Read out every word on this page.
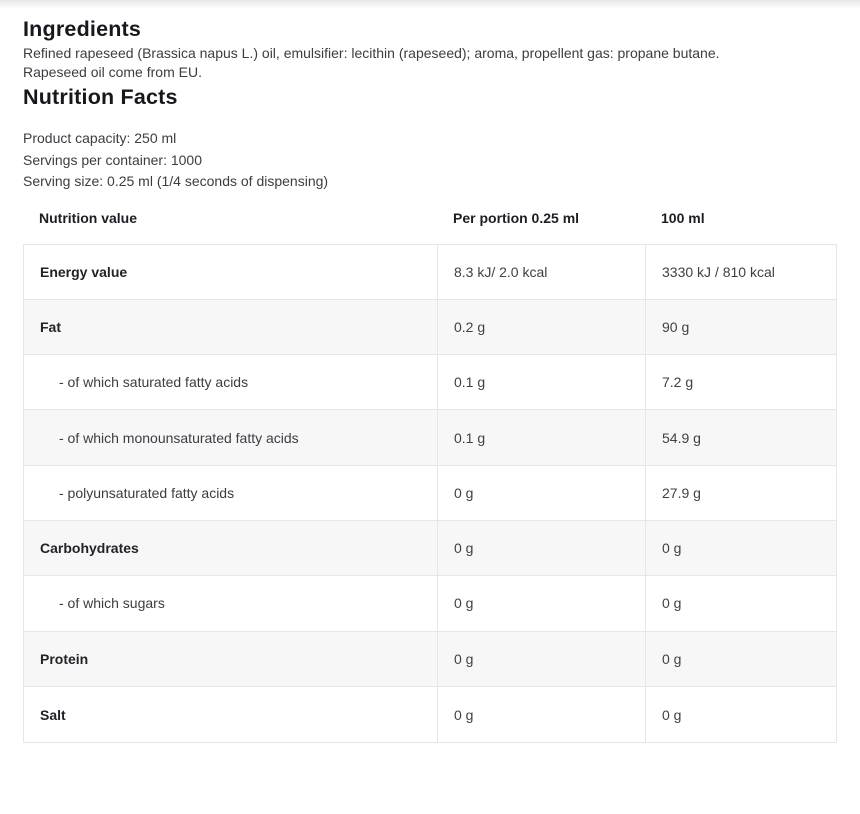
Ingredients

Refined rapeseed (Brassica napus L.) oil, emulsifier: lecithin (rapeseed); aroma, propellent gas: propane butane.

Rapeseed oil come from EU.

Nutrition Facts

Product capacity: 250 ml

Servings per container: 1000

Serving size: 0.25 ml (1/4 seconds of dispensing)

Nutrition value	Per portion 0.25 ml	100 ml
Energy value	8.3 kJ/ 2.0 kcal	3330 kJ / 810 kcal
Fat	0.2 g	90 g
- of which saturated fatty acids	0.1 g	7.2 g
- of which monounsaturated fatty acids	0.1 g	54.9 g
- polyunsaturated fatty acids	0 g	27.9 g
Carbohydrates	0 g	0 g
- of which sugars	0 g	0 g
Protein	0 g	0 g
Salt	0 g	0 g
